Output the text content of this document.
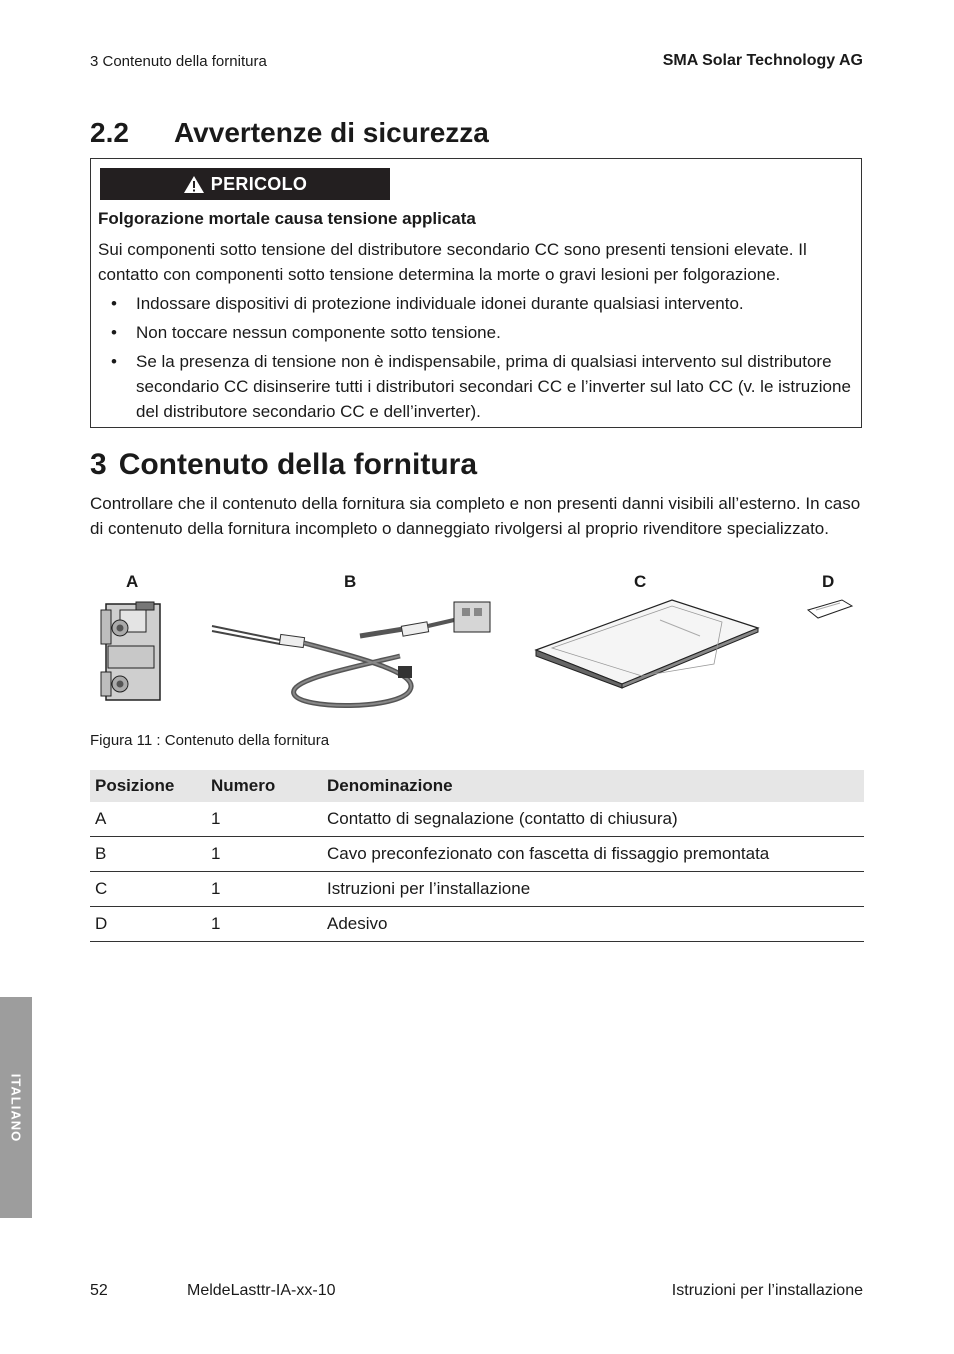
3 Contenuto della fornitura	SMA Solar Technology AG
2.2 Avvertenze di sicurezza
PERICOLO
Folgorazione mortale causa tensione applicata
Sui componenti sotto tensione del distributore secondario CC sono presenti tensioni elevate. Il contatto con componenti sotto tensione determina la morte o gravi lesioni per folgorazione.
• Indossare dispositivi di protezione individuale idonei durante qualsiasi intervento.
• Non toccare nessun componente sotto tensione.
• Se la presenza di tensione non è indispensabile, prima di qualsiasi intervento sul distributore secondario CC disinserire tutti i distributori secondari CC e l’inverter sul lato CC (v. le istruzione del distributore secondario CC e dell’inverter).
3 Contenuto della fornitura
Controllare che il contenuto della fornitura sia completo e non presenti danni visibili all’esterno. In caso di contenuto della fornitura incompleto o danneggiato rivolgersi al proprio rivenditore specializzato.
A	B	C	D
Figura 11 : Contenuto della fornitura
Posizione	Numero	Denominazione
A	1	Contatto di segnalazione (contatto di chiusura)
B	1	Cavo preconfezionato con fascetta di fissaggio premontata
C	1	Istruzioni per l’installazione
D	1	Adesivo
ITALIANO
52	MeldeLasttr-IA-xx-10	Istruzioni per l’installazione
